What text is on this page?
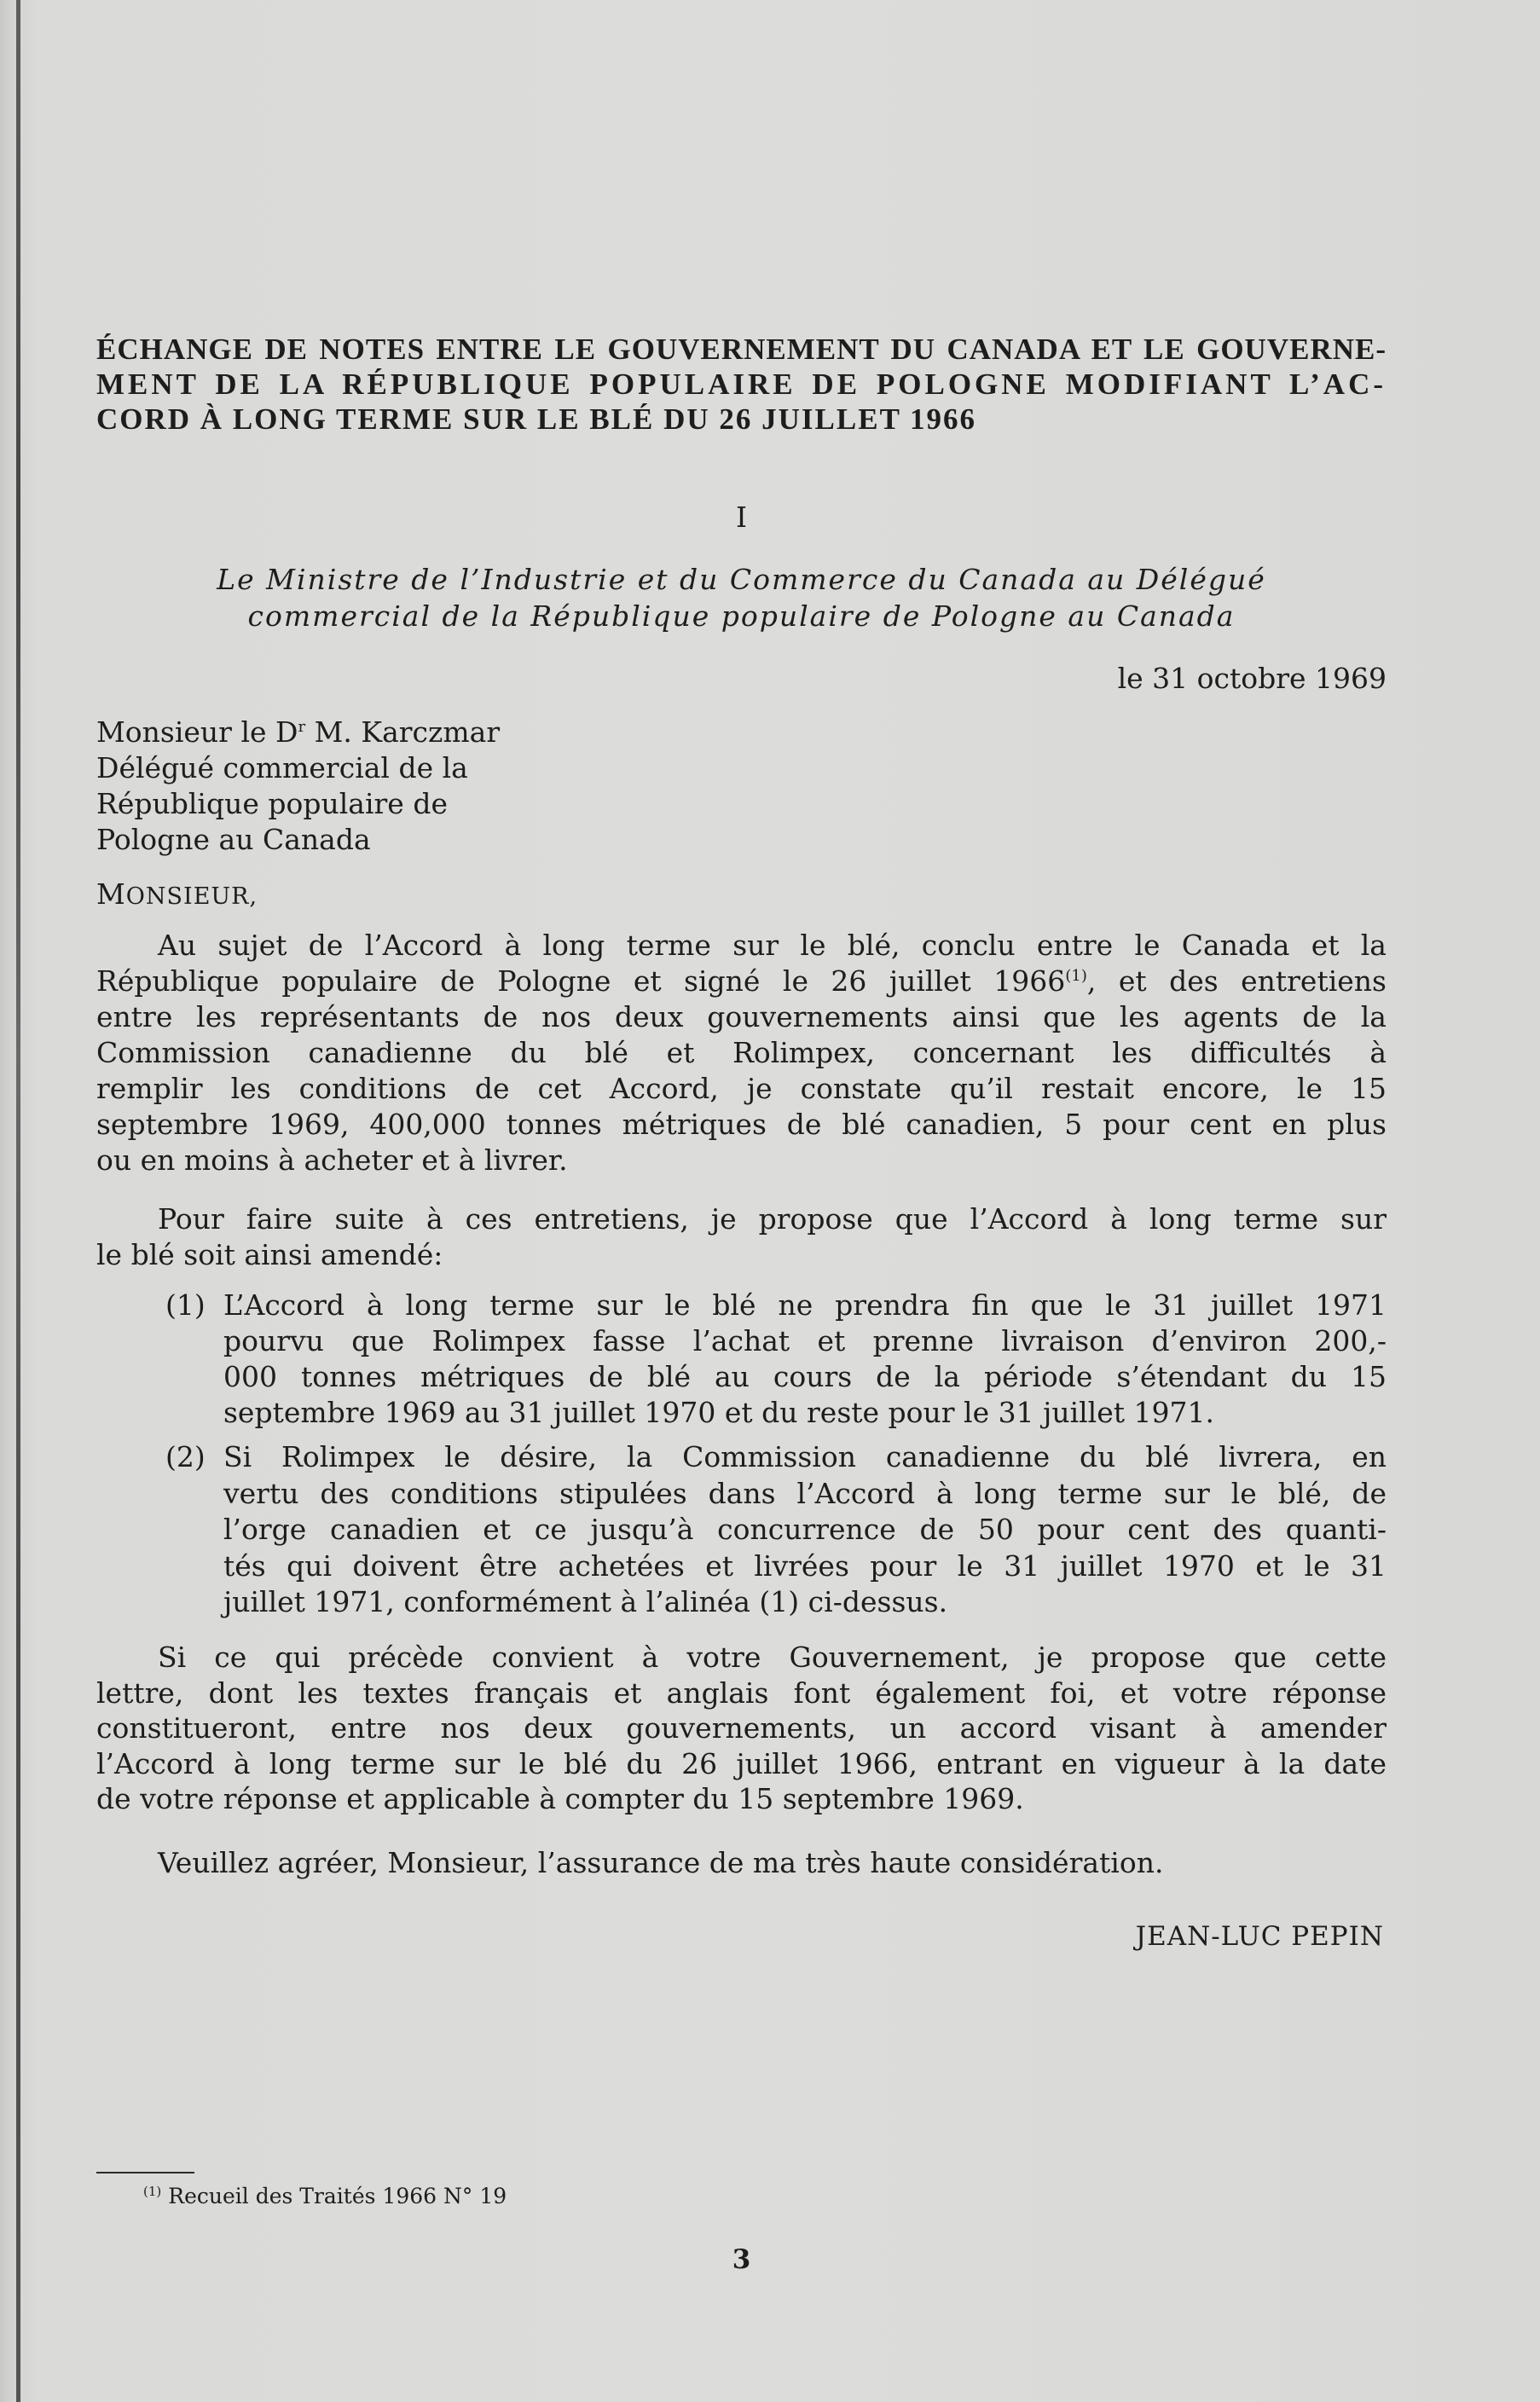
ÉCHANGE DE NOTES ENTRE LE GOUVERNEMENT DU CANADA ET LE GOUVERNE-
MENT DE LA RÉPUBLIQUE POPULAIRE DE POLOGNE MODIFIANT L’AC-
CORD À LONG TERME SUR LE BLÉ DU 26 JUILLET 1966
I
Le Ministre de l’Industrie et du Commerce du Canada au Délégué
commercial de la République populaire de Pologne au Canada
le 31 octobre 1969
Monsieur le $D^r$ M. Karczmar
Délégué commercial de la
République populaire de
Pologne au Canada
MONSIEUR,
Au sujet de l’Accord à long terme sur le blé, conclu entre le Canada et la
République populaire de Pologne et signé le 26 juillet 1966$^{(1)}$, et des entretiens
entre les représentants de nos deux gouvernements ainsi que les agents de la
Commission canadienne du blé et Rolimpex, concernant les difficultés à
remplir les conditions de cet Accord, je constate qu’il restait encore, le 15
septembre 1969, 400,000 tonnes métriques de blé canadien, 5 pour cent en plus
ou en moins à acheter et à livrer.
Pour faire suite à ces entretiens, je propose que l’Accord à long terme sur
le blé soit ainsi amendé:
(1) L’Accord à long terme sur le blé ne prendra fin que le 31 juillet 1971
pourvu que Rolimpex fasse l’achat et prenne livraison d’environ 200,-
000 tonnes métriques de blé au cours de la période s’étendant du 15
septembre 1969 au 31 juillet 1970 et du reste pour le 31 juillet 1971.
(2) Si Rolimpex le désire, la Commission canadienne du blé livrera, en
vertu des conditions stipulées dans l’Accord à long terme sur le blé, de
l’orge canadien et ce jusqu’à concurrence de 50 pour cent des quanti-
tés qui doivent être achetées et livrées pour le 31 juillet 1970 et le 31
juillet 1971, conformément à l’alinéa (1) ci-dessus.
Si ce qui précède convient à votre Gouvernement, je propose que cette
lettre, dont les textes français et anglais font également foi, et votre réponse
constitueront, entre nos deux gouvernements, un accord visant à amender
l’Accord à long terme sur le blé du 26 juillet 1966, entrant en vigueur à la date
de votre réponse et applicable à compter du 15 septembre 1969.
Veuillez agréer, Monsieur, l’assurance de ma très haute considération.
JEAN-LUC PEPIN
$^{(1)}$ Recueil des Traités 1966 N° 19
3
